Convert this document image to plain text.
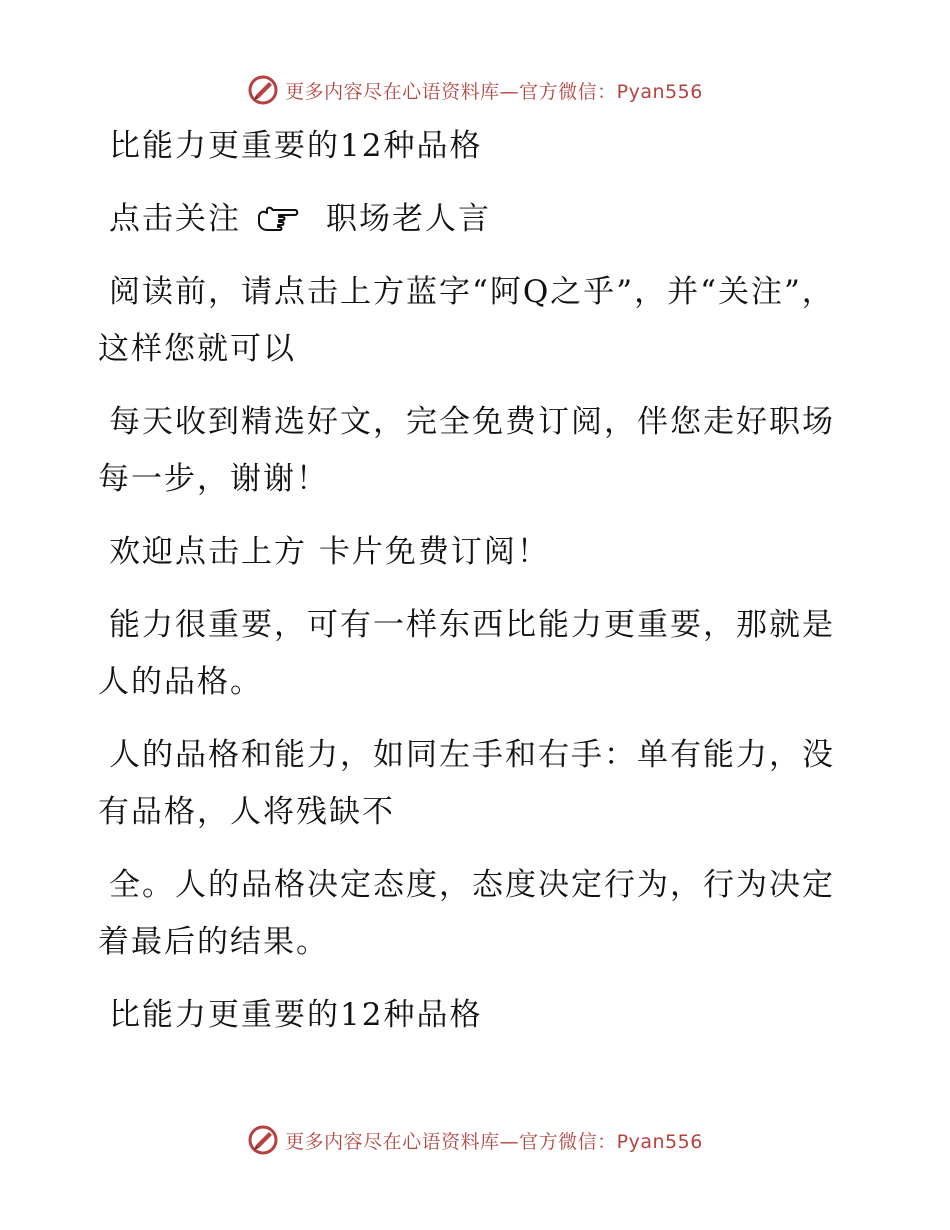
更多内容尽在心语资料库—官方微信：Pyan556

比能力更重要的12种品格

点击关注	职场老人言

阅读前，请点击上方蓝字“阿Q之乎”，并“关注”，这样您就可以

每天收到精选好文，完全免费订阅，伴您走好职场每一步，谢谢！

欢迎点击上方 卡片免费订阅！

能力很重要，可有一样东西比能力更重要，那就是人的品格。

人的品格和能力，如同左手和右手：单有能力，没有品格，人将残缺不

全。人的品格决定态度，态度决定行为，行为决定着最后的结果。

比能力更重要的12种品格

更多内容尽在心语资料库—官方微信：Pyan556
